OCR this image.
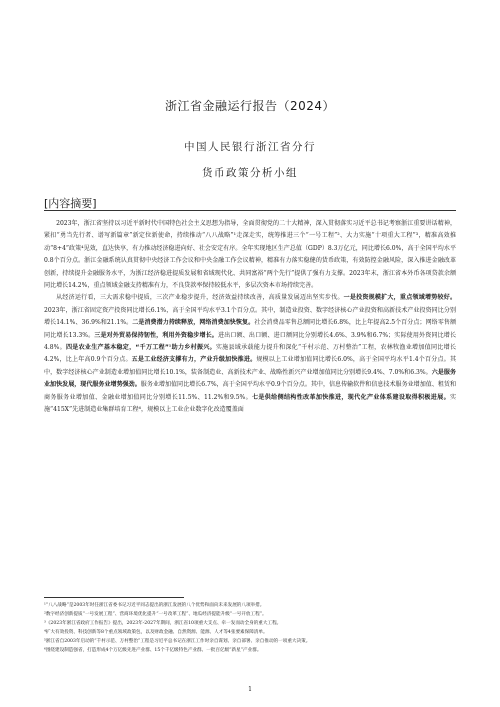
浙江省金融运行报告（2024）
中国人民银行浙江省分行
货币政策分析小组
[内容摘要]

2023年，浙江省坚持以习近平新时代中国特色社会主义思想为指导，全面贯彻党的二十大精神，深入贯彻落实习近平总书记考察浙江重要讲话精神，紧扣“勇当先行者、谱写新篇章”新定位新使命，持续推动“八八战略”¹走深走实，统筹推进三个“一号工程”²、大力实施“十项重大工程”³，精准高效推动“8+4”政策⁴见效，直达快享，有力推动经济稳进向好、社会安定有序。全年实现地区生产总值（GDP）8.3万亿元，同比增长6.0%，高于全国平均水平0.8个百分点。浙江金融系统认真贯彻中央经济工作会议和中央金融工作会议精神，精准有力落实稳健的货币政策，有效防控金融风险，深入推进金融改革创新，持续提升金融服务水平，为浙江经济稳进提质发展和省域现代化、共同富裕“两个先行”提供了强有力支撑。2023年末，浙江省本外币各项贷款余额同比增长14.2%，重点领域金融支持精准有力，不良贷款率保持较低水平，多层次资本市场持续完善。

从经济运行看，三大需求稳中提质，三次产业稳步提升，经济效益持续改善，高质量发展迈出坚实步伐。一是投资规模扩大，重点领域增势较好。2023年，浙江省固定资产投资同比增长6.1%，高于全国平均水平3.1个百分点。其中，制造业投资、数字经济核心产业投资和高新技术产业投资同比分别增长14.1%、36.9%和21.1%。二是消费潜力持续释放，网络消费加快恢复。社会消费品零售总额同比增长6.8%，比上年提高2.5个百分点；网络零售额同比增长13.3%。三是对外贸易保持韧性，利用外资稳步增长。进出口额、出口额、进口额同比分别增长4.6%、3.9%和6.7%；实际使用外资同比增长4.8%。四是农业生产基本稳定，“千万工程”⁵助力乡村振兴。实施县域承载能力提升和深化“千村示范、万村整治”工程，农林牧渔业增加值同比增长4.2%，比上年高0.9个百分点。五是工业经济支撑有力，产业升级加快推进。规模以上工业增加值同比增长6.0%，高于全国平均水平1.4个百分点。其中，数字经济核心产业制造业增加值同比增长10.1%，装备制造业、高新技术产业、战略性新兴产业增加值同比分别增长9.4%、7.0%和6.3%。六是服务业加快发展，现代服务业增势强劲。服务业增加值同比增长6.7%，高于全国平均水平0.9个百分点。其中，信息传输软件和信息技术服务业增加值、租赁和商务服务业增加值、金融业增加值同比分别增长11.5%、11.2%和9.5%。七是供给侧结构性改革加快推进，现代化产业体系建设取得积极进展。实施“415X”先进制造业集群培育工程⁶，规模以上工业企业数字化改造覆盖面

¹“八八战略”是2003年时任浙江省委书记习近平同志提出的浙江发展的八个优势和面向未来发展的八项举措。
²数字经济创新提质“一号发展工程”、营商环境优化提升“一号改革工程”、地瓜经济提能升级“一号开放工程”。
³《2023年浙江省政府工作报告》提出，2023年-2027年期间，浙江省10项重大支点、牵一发而动全身的重大工程。
⁴扩大有效投资、科技创新等8个重点领域政策包，以及财政金融、自然资源、能源、人才等4张要素保障清单。
⁵浙江省自2003年启动的“千村示范、万村整治”工程是习近平总书记在浙江工作时亲自谋划、亲自部署、亲自推动的一项重大决策。
⁶围绕建设制造强省，打造形成4个万亿级先进产业群、15个千亿级特色产业群、一批百亿级“新星”产业群。
1
